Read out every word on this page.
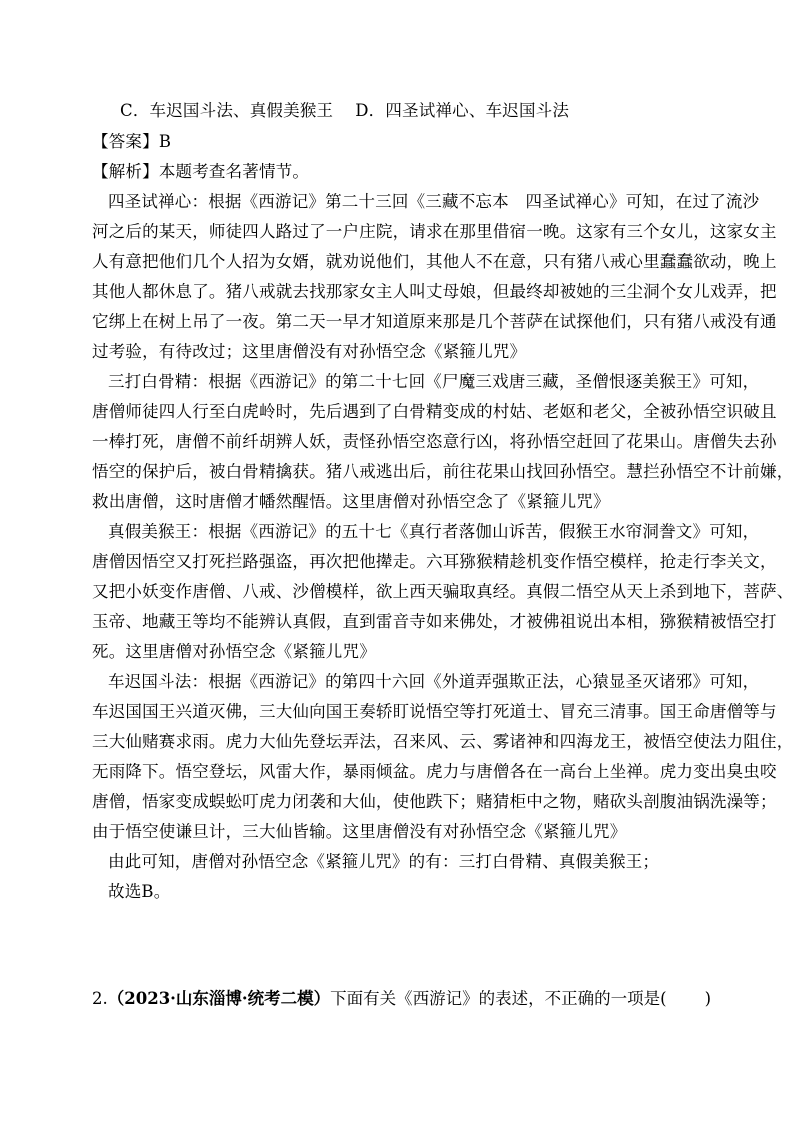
C．车迟国斗法、真假美猴王 D．四圣试禅心、车迟国斗法
【答案】B
【解析】本题考查名著情节。
四圣试禅心：根据《西游记》第二十三回《三藏不忘本　四圣试禅心》可知，在过了流沙
河之后的某天，师徒四人路过了一户庄院，请求在那里借宿一晚。这家有三个女儿，这家女主
人有意把他们几个人招为女婿，就劝说他们，其他人不在意，只有猪八戒心里蠢蠢欲动，晚上
其他人都休息了。猪八戒就去找那家女主人叫丈母娘，但最终却被她的三尘洞个女儿戏弄，把
它绑上在树上吊了一夜。第二天一早才知道原来那是几个菩萨在试探他们，只有猪八戒没有通
过考验，有待改过；这里唐僧没有对孙悟空念《紧箍儿咒》
三打白骨精：根据《西游记》的第二十七回《尸魔三戏唐三藏，圣僧恨逐美猴王》可知，
唐僧师徒四人行至白虎岭时，先后遇到了白骨精变成的村姑、老妪和老父，全被孙悟空识破且
一棒打死，唐僧不前纤胡辨人妖，责怪孙悟空恣意行凶，将孙悟空赶回了花果山。唐僧失去孙
悟空的保护后，被白骨精擒获。猪八戒逃出后，前往花果山找回孙悟空。慧拦孙悟空不计前嫌，
救出唐僧，这时唐僧才幡然醒悟。这里唐僧对孙悟空念了《紧箍儿咒》
真假美猴王：根据《西游记》的五十七《真行者落伽山诉苦，假猴王水帘洞誊文》可知，
唐僧因悟空又打死拦路强盗，再次把他撵走。六耳猕猴精趁机变作悟空模样，抢走行李关文，
又把小妖变作唐僧、八戒、沙僧模样，欲上西天骗取真经。真假二悟空从天上杀到地下，菩萨、
玉帝、地藏王等均不能辨认真假，直到雷音寺如来佛处，才被佛祖说出本相，猕猴精被悟空打
死。这里唐僧对孙悟空念《紧箍儿咒》
车迟国斗法：根据《西游记》的第四十六回《外道弄强欺正法，心猿显圣灭诸邪》可知，
车迟国国王兴道灭佛，三大仙向国王奏轿盯说悟空等打死道士、冒充三清事。国王命唐僧等与
三大仙赌赛求雨。虎力大仙先登坛弄法，召来风、云、雾诸神和四海龙王，被悟空使法力阻住，
无雨降下。悟空登坛，风雷大作，暴雨倾盆。虎力与唐僧各在一高台上坐禅。虎力变出臭虫咬
唐僧，悟家变成蜈蚣叮虎力闭袭和大仙，使他跌下；赌猜柜中之物，赌砍头剖腹油锅洗澡等；
由于悟空使谦旦计，三大仙皆输。这里唐僧没有对孙悟空念《紧箍儿咒》
由此可知，唐僧对孙悟空念《紧箍儿咒》的有：三打白骨精、真假美猴王；
故选B。
2.（2023·山东淄博·统考二模）下面有关《西游记》的表述，不正确的一项是( )
